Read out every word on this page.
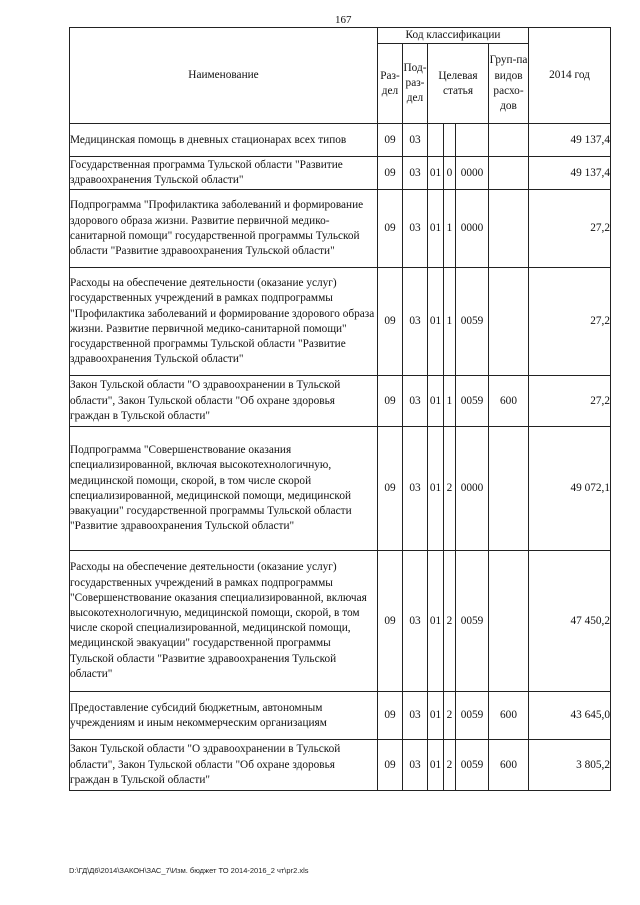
167
Наименование	Код классификации						2014 год
	Раз-дел	Под-раз-дел	Целевая статья			Груп-па видов расхо-дов	
Медицинская помощь в дневных стационарах всех типов	09	03					49 137,4
Государственная программа Тульской области "Развитие здравоохранения Тульской области"	09	03	01	0	0000		49 137,4
Подпрограмма "Профилактика заболеваний и формирование здорового образа жизни. Развитие первичной медико-санитарной помощи" государственной программы Тульской области "Развитие здравоохранения Тульской области"	09	03	01	1	0000		27,2
Расходы на обеспечение деятельности (оказание услуг) государственных учреждений в рамках подпрограммы "Профилактика заболеваний и формирование здорового образа жизни. Развитие первичной медико-санитарной помощи" государственной программы Тульской области "Развитие здравоохранения Тульской области"	09	03	01	1	0059		27,2
Закон Тульской области "О здравоохранении в Тульской области", Закон Тульской области "Об охране здоровья граждан в Тульской области"	09	03	01	1	0059	600	27,2
Подпрограмма "Совершенствование оказания специализированной, включая высокотехнологичную, медицинской помощи, скорой, в том числе скорой специализированной, медицинской помощи, медицинской эвакуации" государственной программы Тульской области "Развитие здравоохранения Тульской области"	09	03	01	2	0000		49 072,1
Расходы на обеспечение деятельности (оказание услуг) государственных учреждений в рамках подпрограммы "Совершенствование оказания специализированной, включая высокотехнологичную, медицинской помощи, скорой, в том числе скорой специализированной, медицинской помощи, медицинской эвакуации" государственной программы Тульской области "Развитие здравоохранения Тульской области"	09	03	01	2	0059		47 450,2
Предоставление субсидий бюджетным, автономным учреждениям и иным некоммерческим организациям	09	03	01	2	0059	600	43 645,0
Закон Тульской области "О здравоохранении в Тульской области", Закон Тульской области "Об охране здоровья граждан в Тульской области"	09	03	01	2	0059	600	3 805,2
D:\ГД\Д6\2014\ЗАКОН\ЗАС_7\Изм. бюджет ТО 2014-2016_2 чт\pr2.xls
